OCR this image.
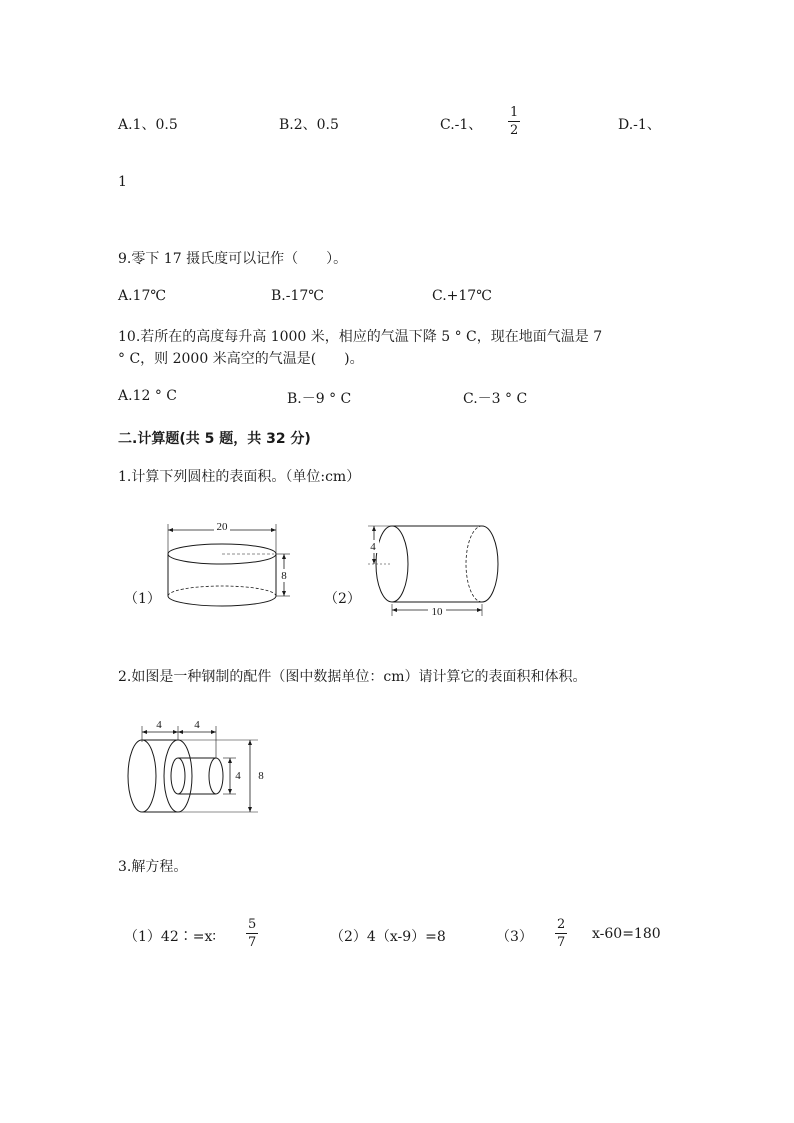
A.1、0.5	B.2、0.5	C.-1、
1
2	D.-1、
1
9.零下 17 摄氏度可以记作（　　）。
A.17℃	B.-17℃	C.+17℃
10.若所在的高度每升高 1000 米，相应的气温下降 5 ° C，现在地面气温是 7
° C，则 2000 米高空的气温是(　　)。
A.12 ° C	B.－9 ° C	C.－3 ° C
二.计算题(共 5 题，共 32 分)
1.计算下列圆柱的表面积。（单位:cm）
（1）	（2）
20
8
4
10
2.如图是一种钢制的配件（图中数据单位：cm）请计算它的表面积和体积。
4	4
4 8
3.解方程。
（1）42∶=x∶
5
7	（2）4（x-9）=8	（3）
2
7
x-60=180
